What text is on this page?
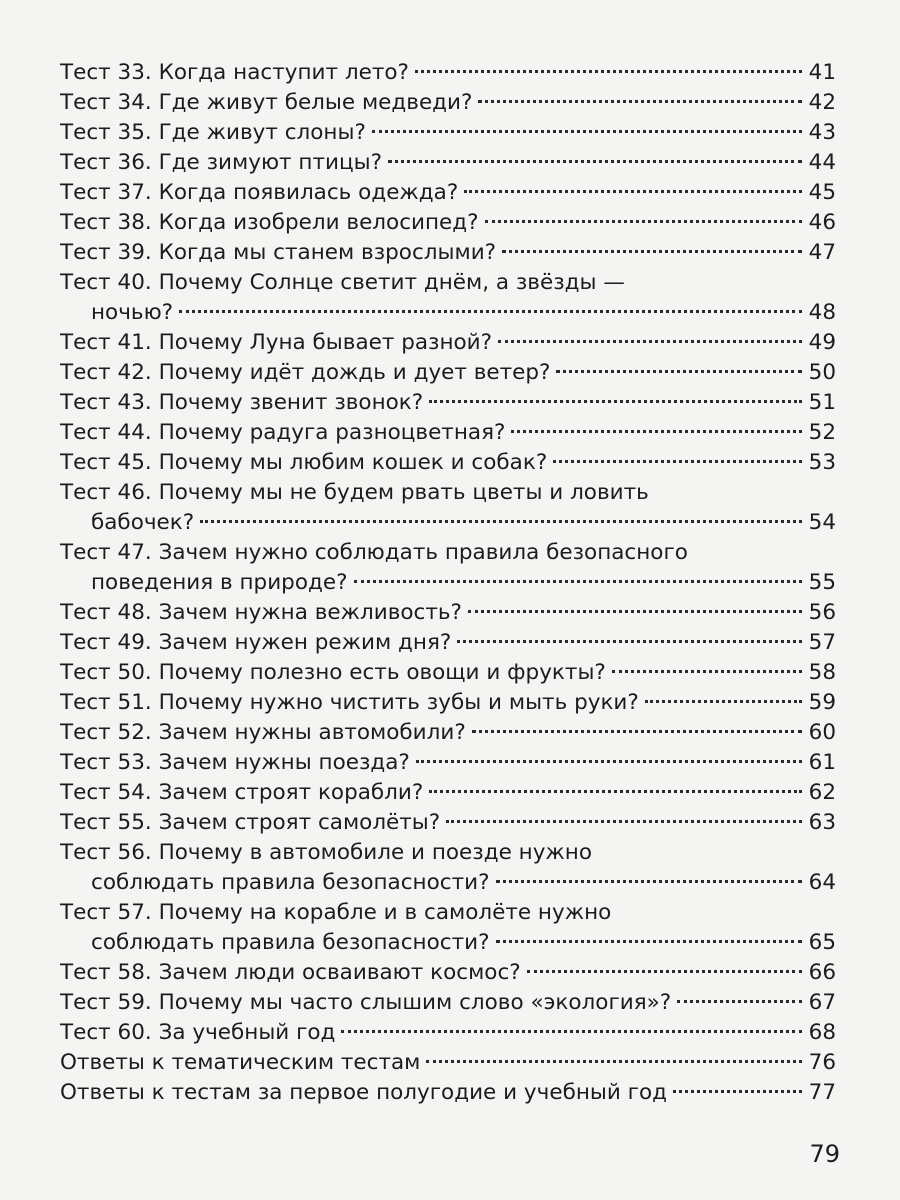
Тест 33. Когда наступит лето?	41
Тест 34. Где живут белые медведи?	42
Тест 35. Где живут слоны?	43
Тест 36. Где зимуют птицы?	44
Тест 37. Когда появилась одежда?	45
Тест 38. Когда изобрели велосипед?	46
Тест 39. Когда мы станем взрослыми?	47
Тест 40. Почему Солнце светит днём, а звёзды —
ночью?	48
Тест 41. Почему Луна бывает разной?	49
Тест 42. Почему идёт дождь и дует ветер?	50
Тест 43. Почему звенит звонок?	51
Тест 44. Почему радуга разноцветная?	52
Тест 45. Почему мы любим кошек и собак?	53
Тест 46. Почему мы не будем рвать цветы и ловить
бабочек?	54
Тест 47. Зачем нужно соблюдать правила безопасного
поведения в природе?	55
Тест 48. Зачем нужна вежливость?	56
Тест 49. Зачем нужен режим дня?	57
Тест 50. Почему полезно есть овощи и фрукты?	58
Тест 51. Почему нужно чистить зубы и мыть руки?	59
Тест 52. Зачем нужны автомобили?	60
Тест 53. Зачем нужны поезда?	61
Тест 54. Зачем строят корабли?	62
Тест 55. Зачем строят самолёты?	63
Тест 56. Почему в автомобиле и поезде нужно
соблюдать правила безопасности?	64
Тест 57. Почему на корабле и в самолёте нужно
соблюдать правила безопасности?	65
Тест 58. Зачем люди осваивают космос?	66
Тест 59. Почему мы часто слышим слово «экология»?	67
Тест 60. За учебный год	68
Ответы к тематическим тестам	76
Ответы к тестам за первое полугодие и учебный год	77
79
